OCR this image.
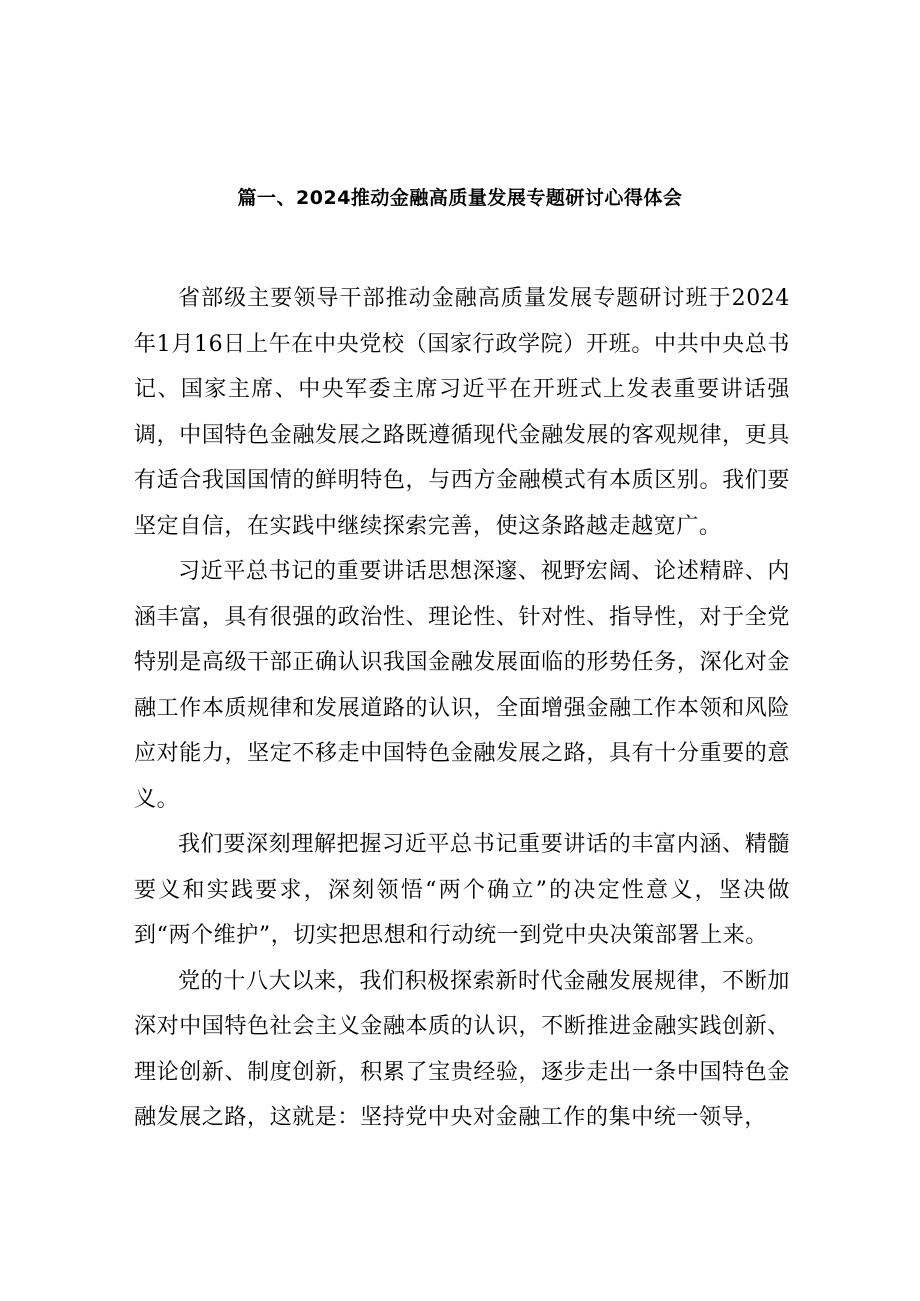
篇一、2024推动金融高质量发展专题研讨心得体会

省部级主要领导干部推动金融高质量发展专题研讨班于2024年1月16日上午在中央党校（国家行政学院）开班。中共中央总书记、国家主席、中央军委主席习近平在开班式上发表重要讲话强调，中国特色金融发展之路既遵循现代金融发展的客观规律，更具有适合我国国情的鲜明特色，与西方金融模式有本质区别。我们要坚定自信，在实践中继续探索完善，使这条路越走越宽广。

习近平总书记的重要讲话思想深邃、视野宏阔、论述精辟、内涵丰富，具有很强的政治性、理论性、针对性、指导性，对于全党特别是高级干部正确认识我国金融发展面临的形势任务，深化对金融工作本质规律和发展道路的认识，全面增强金融工作本领和风险应对能力，坚定不移走中国特色金融发展之路，具有十分重要的意义。

我们要深刻理解把握习近平总书记重要讲话的丰富内涵、精髓要义和实践要求，深刻领悟“两个确立”的决定性意义，坚决做到“两个维护”，切实把思想和行动统一到党中央决策部署上来。

党的十八大以来，我们积极探索新时代金融发展规律，不断加深对中国特色社会主义金融本质的认识，不断推进金融实践创新、理论创新、制度创新，积累了宝贵经验，逐步走出一条中国特色金融发展之路，这就是：坚持党中央对金融工作的集中统一领导，
